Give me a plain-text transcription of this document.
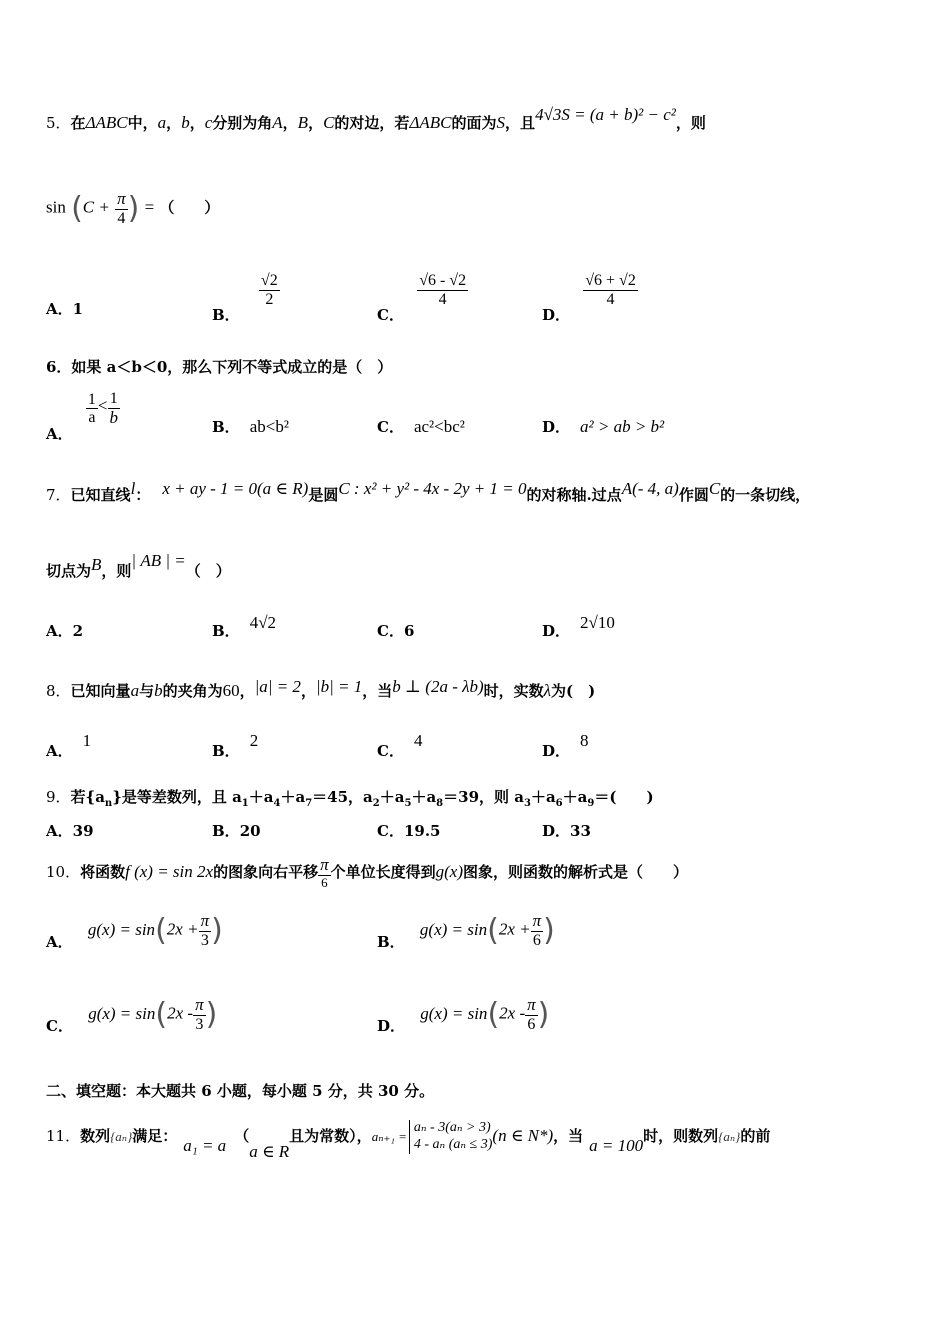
5．在ΔABC中，a，b，c分别为角A，B，C的对边，若ΔABC的面为S，且4√3S = (a + b)² − c²，则
$\sin (C + \frac{\pi}{4}$ ) = （　　）
A．1	B．
$\frac{√2}{2}$
C．
$\frac{√6 - √2}{4}$
D．
$\frac{√6 + √2}{4}$
6．如果 a＜b＜0，那么下列不等式成立的是（　）
A．
$\frac{1}{a} < \frac{1}{b}$	B． ab<b²	C． ac²<bc²	D． a² > ab > b²
7．已知直线l： x + ay - 1 = 0(a ∈ R)是圆C : x² + y² - 4x - 2y + 1 = 0的对称轴.过点A(- 4, a)作圆C的一条切线，
切点为B，则| AB | =（　）
A．2	B． 4√2	C．6	D． 2√10
8．已知向量a与b的夹角为60，|a| = 2，|b| = 1，当b ⊥ (2a - λb)时，实数λ为(　)
A．1
B．2
C．4
D．8
9．若$\{a_n\}$是等差数列，且 $a_1+a_4+a_7=45$，$a_2+a_5+a_8=39$，则 $a_3+a_6+a_9=$(　　)
A．39	B．20	C．19.5	D．33
10．将函数f (x) = sin 2x的图象向右平移 $\frac{\pi}{6}$ 个单位长度得到g(x)图象，则函数的解析式是（　　）
A． $g(x) = \sin(2x + \frac{\pi}{3}$ )	B． $g(x) = \sin(2x + \frac{\pi}{6}$ )
C． $g(x) = \sin(2x - \frac{\pi}{3}$ )	D． $g(x) = \sin(2x - \frac{\pi}{6}$ )
二、填空题：本大题共 6 小题，每小题 5 分，共 30 分。
11．数列{aₙ}满足： a₁ = a （a ∈ R且为常数），aₙ₊₁ =
aₙ - 3(aₙ > 3)
4 - aₙ (aₙ ≤ 3) (n ∈ N*)，当 a = 100时，则数列{aₙ}的前
